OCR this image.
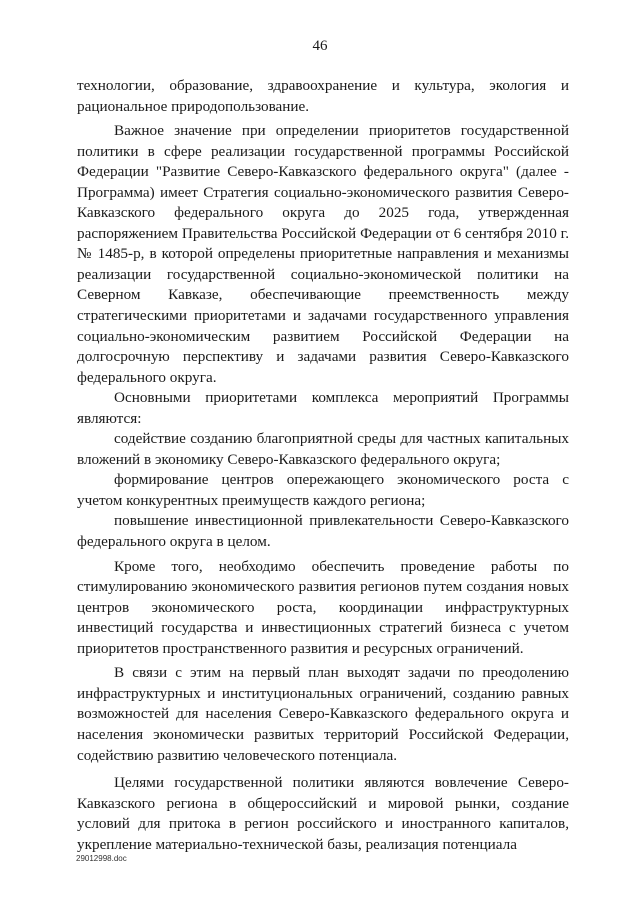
46

технологии, образование, здравоохранение и культура, экология и рациональное природопользование.

Важное значение при определении приоритетов государственной политики в сфере реализации государственной программы Российской Федерации "Развитие Северо-Кавказского федерального округа" (далее - Программа) имеет Стратегия социально-экономического развития Северо-Кавказского федерального округа до 2025 года, утвержденная распоряжением Правительства Российской Федерации от 6 сентября 2010 г. № 1485-р, в которой определены приоритетные направления и механизмы реализации государственной социально-экономической политики на Северном Кавказе, обеспечивающие преемственность между стратегическими приоритетами и задачами государственного управления социально-экономическим развитием Российской Федерации на долгосрочную перспективу и задачами развития Северо-Кавказского федерального округа.

Основными приоритетами комплекса мероприятий Программы являются:

содействие созданию благоприятной среды для частных капитальных вложений в экономику Северо-Кавказского федерального округа;

формирование центров опережающего экономического роста с учетом конкурентных преимуществ каждого региона;

повышение инвестиционной привлекательности Северо-Кавказского федерального округа в целом.

Кроме того, необходимо обеспечить проведение работы по стимулированию экономического развития регионов путем создания новых центров экономического роста, координации инфраструктурных инвестиций государства и инвестиционных стратегий бизнеса с учетом приоритетов пространственного развития и ресурсных ограничений.

В связи с этим на первый план выходят задачи по преодолению инфраструктурных и институциональных ограничений, созданию равных возможностей для населения Северо-Кавказского федерального округа и населения экономически развитых территорий Российской Федерации, содействию развитию человеческого потенциала.

Целями государственной политики являются вовлечение Северо-Кавказского региона в общероссийский и мировой рынки, создание условий для притока в регион российского и иностранного капиталов, укрепление материально-технической базы, реализация потенциала

29012998.doc
